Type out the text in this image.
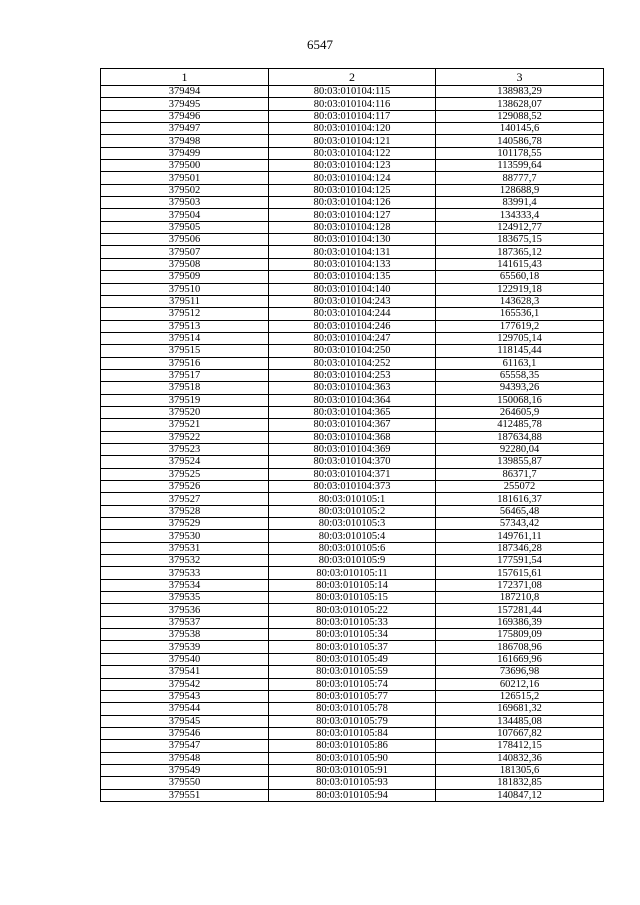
6547
1	2	3
379494	80:03:010104:115	138983,29
379495	80:03:010104:116	138628,07
379496	80:03:010104:117	129088,52
379497	80:03:010104:120	140145,6
379498	80:03:010104:121	140586,78
379499	80:03:010104:122	101178,55
379500	80:03:010104:123	113599,64
379501	80:03:010104:124	88777,7
379502	80:03:010104:125	128688,9
379503	80:03:010104:126	83991,4
379504	80:03:010104:127	134333,4
379505	80:03:010104:128	124912,77
379506	80:03:010104:130	183675,15
379507	80:03:010104:131	187365,12
379508	80:03:010104:133	141615,43
379509	80:03:010104:135	65560,18
379510	80:03:010104:140	122919,18
379511	80:03:010104:243	143628,3
379512	80:03:010104:244	165536,1
379513	80:03:010104:246	177619,2
379514	80:03:010104:247	129705,14
379515	80:03:010104:250	118145,44
379516	80:03:010104:252	61163,1
379517	80:03:010104:253	65558,35
379518	80:03:010104:363	94393,26
379519	80:03:010104:364	150068,16
379520	80:03:010104:365	264605,9
379521	80:03:010104:367	412485,78
379522	80:03:010104:368	187634,88
379523	80:03:010104:369	92280,04
379524	80:03:010104:370	139855,87
379525	80:03:010104:371	86371,7
379526	80:03:010104:373	255072
379527	80:03:010105:1	181616,37
379528	80:03:010105:2	56465,48
379529	80:03:010105:3	57343,42
379530	80:03:010105:4	149761,11
379531	80:03:010105:6	187346,28
379532	80:03:010105:9	177591,54
379533	80:03:010105:11	157615,61
379534	80:03:010105:14	172371,08
379535	80:03:010105:15	187210,8
379536	80:03:010105:22	157281,44
379537	80:03:010105:33	169386,39
379538	80:03:010105:34	175809,09
379539	80:03:010105:37	186708,96
379540	80:03:010105:49	161669,96
379541	80:03:010105:59	73696,98
379542	80:03:010105:74	60212,16
379543	80:03:010105:77	126515,2
379544	80:03:010105:78	169681,32
379545	80:03:010105:79	134485,08
379546	80:03:010105:84	107667,82
379547	80:03:010105:86	178412,15
379548	80:03:010105:90	140832,36
379549	80:03:010105:91	181305,6
379550	80:03:010105:93	181832,85
379551	80:03:010105:94	140847,12
